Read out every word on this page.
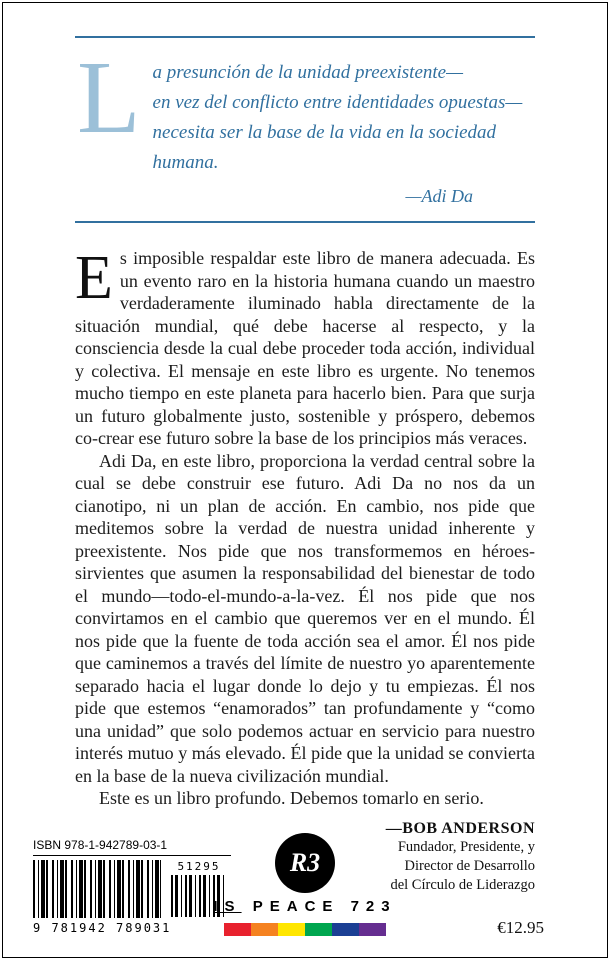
L a presunción de la unidad preexistente—
en vez del conflicto entre identidades opuestas—
necesita ser la base de la vida en la sociedad humana.
—Adi Da

Es imposible respaldar este libro de manera adecuada. Es un evento raro en la historia humana cuando un maestro verdaderamente iluminado habla directamente de la situación mundial, qué debe hacerse al respecto, y la consciencia desde la cual debe proceder toda acción, individual y colectiva. El mensaje en este libro es urgente. No tenemos mucho tiempo en este planeta para hacerlo bien. Para que surja un futuro globalmente justo, sostenible y próspero, debemos co-crear ese futuro sobre la base de los principios más veraces.

Adi Da, en este libro, proporciona la verdad central sobre la cual se debe construir ese futuro. Adi Da no nos da un cianotipo, ni un plan de acción. En cambio, nos pide que meditemos sobre la verdad de nuestra unidad inherente y preexistente. Nos pide que nos transformemos en héroes-sirvientes que asumen la responsabilidad del bienestar de todo el mundo—todo-el-mundo-a-la-vez. Él nos pide que nos convirtamos en el cambio que queremos ver en el mundo. Él nos pide que la fuente de toda acción sea el amor. Él nos pide que caminemos a través del límite de nuestro yo aparentemente separado hacia el lugar donde lo dejo y tu empiezas. Él nos pide que estemos “enamorados” tan profundamente y “como una unidad” que solo podemos actuar en servicio para nuestro interés mutuo y más elevado. Él pide que la unidad se convierta en la base de la nueva civilización mundial.

Este es un libro profundo. Debemos tomarlo en serio.

—BOB ANDERSON
Fundador, Presidente, y
Director de Desarrollo
del Círculo de Liderazgo
ISBN 978-1-942789-03-1
51295
9 781942 789031
R3
IS PEACE 723
€12.95
